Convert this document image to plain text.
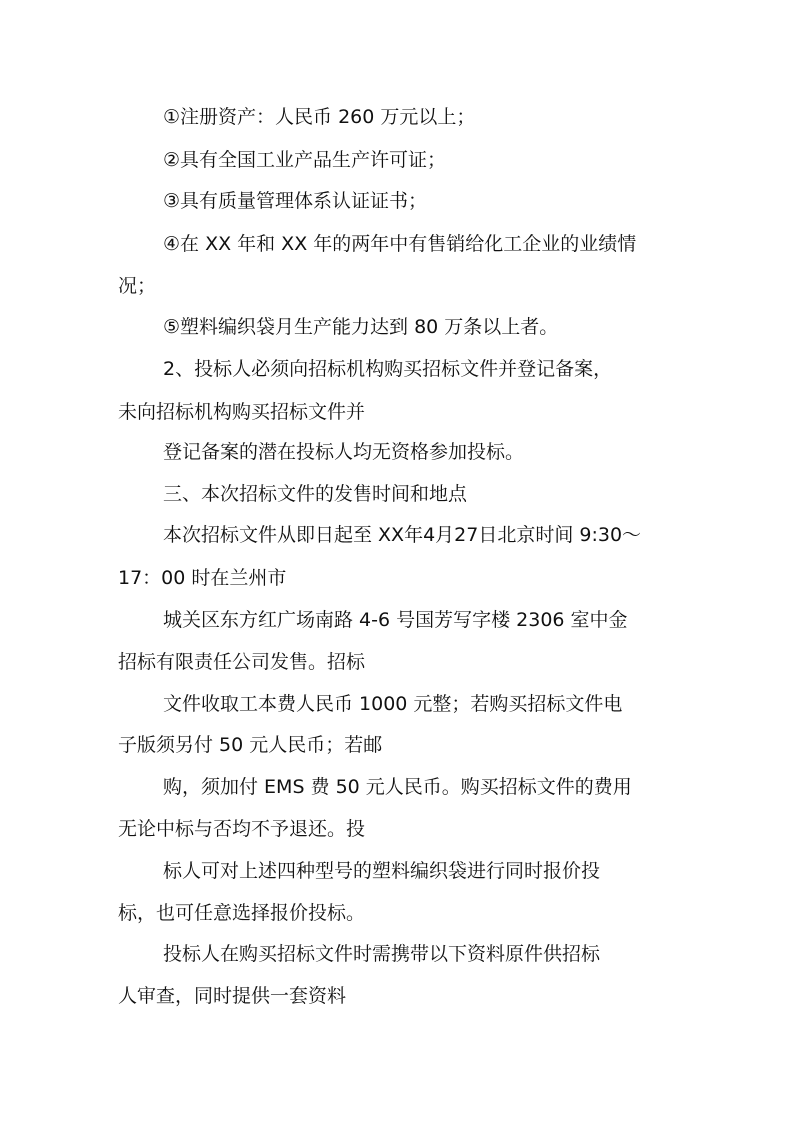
①注册资产：人民币 260 万元以上；
②具有全国工业产品生产许可证；
③具有质量管理体系认证证书；
④在 XX 年和 XX 年的两年中有售销给化工企业的业绩情
况；
⑤塑料编织袋月生产能力达到 80 万条以上者。
2、投标人必须向招标机构购买招标文件并登记备案，
未向招标机构购买招标文件并
登记备案的潜在投标人均无资格参加投标。
三、本次招标文件的发售时间和地点
本次招标文件从即日起至 XX年4月27日北京时间 9:30～
17：00 时在兰州市
城关区东方红广场南路 4-6 号国芳写字楼 2306 室中金
招标有限责任公司发售。招标
文件收取工本费人民币 1000 元整；若购买招标文件电
子版须另付 50 元人民币；若邮
购，须加付 EMS 费 50 元人民币。购买招标文件的费用
无论中标与否均不予退还。投
标人可对上述四种型号的塑料编织袋进行同时报价投
标，也可任意选择报价投标。
投标人在购买招标文件时需携带以下资料原件供招标
人审查，同时提供一套资料
